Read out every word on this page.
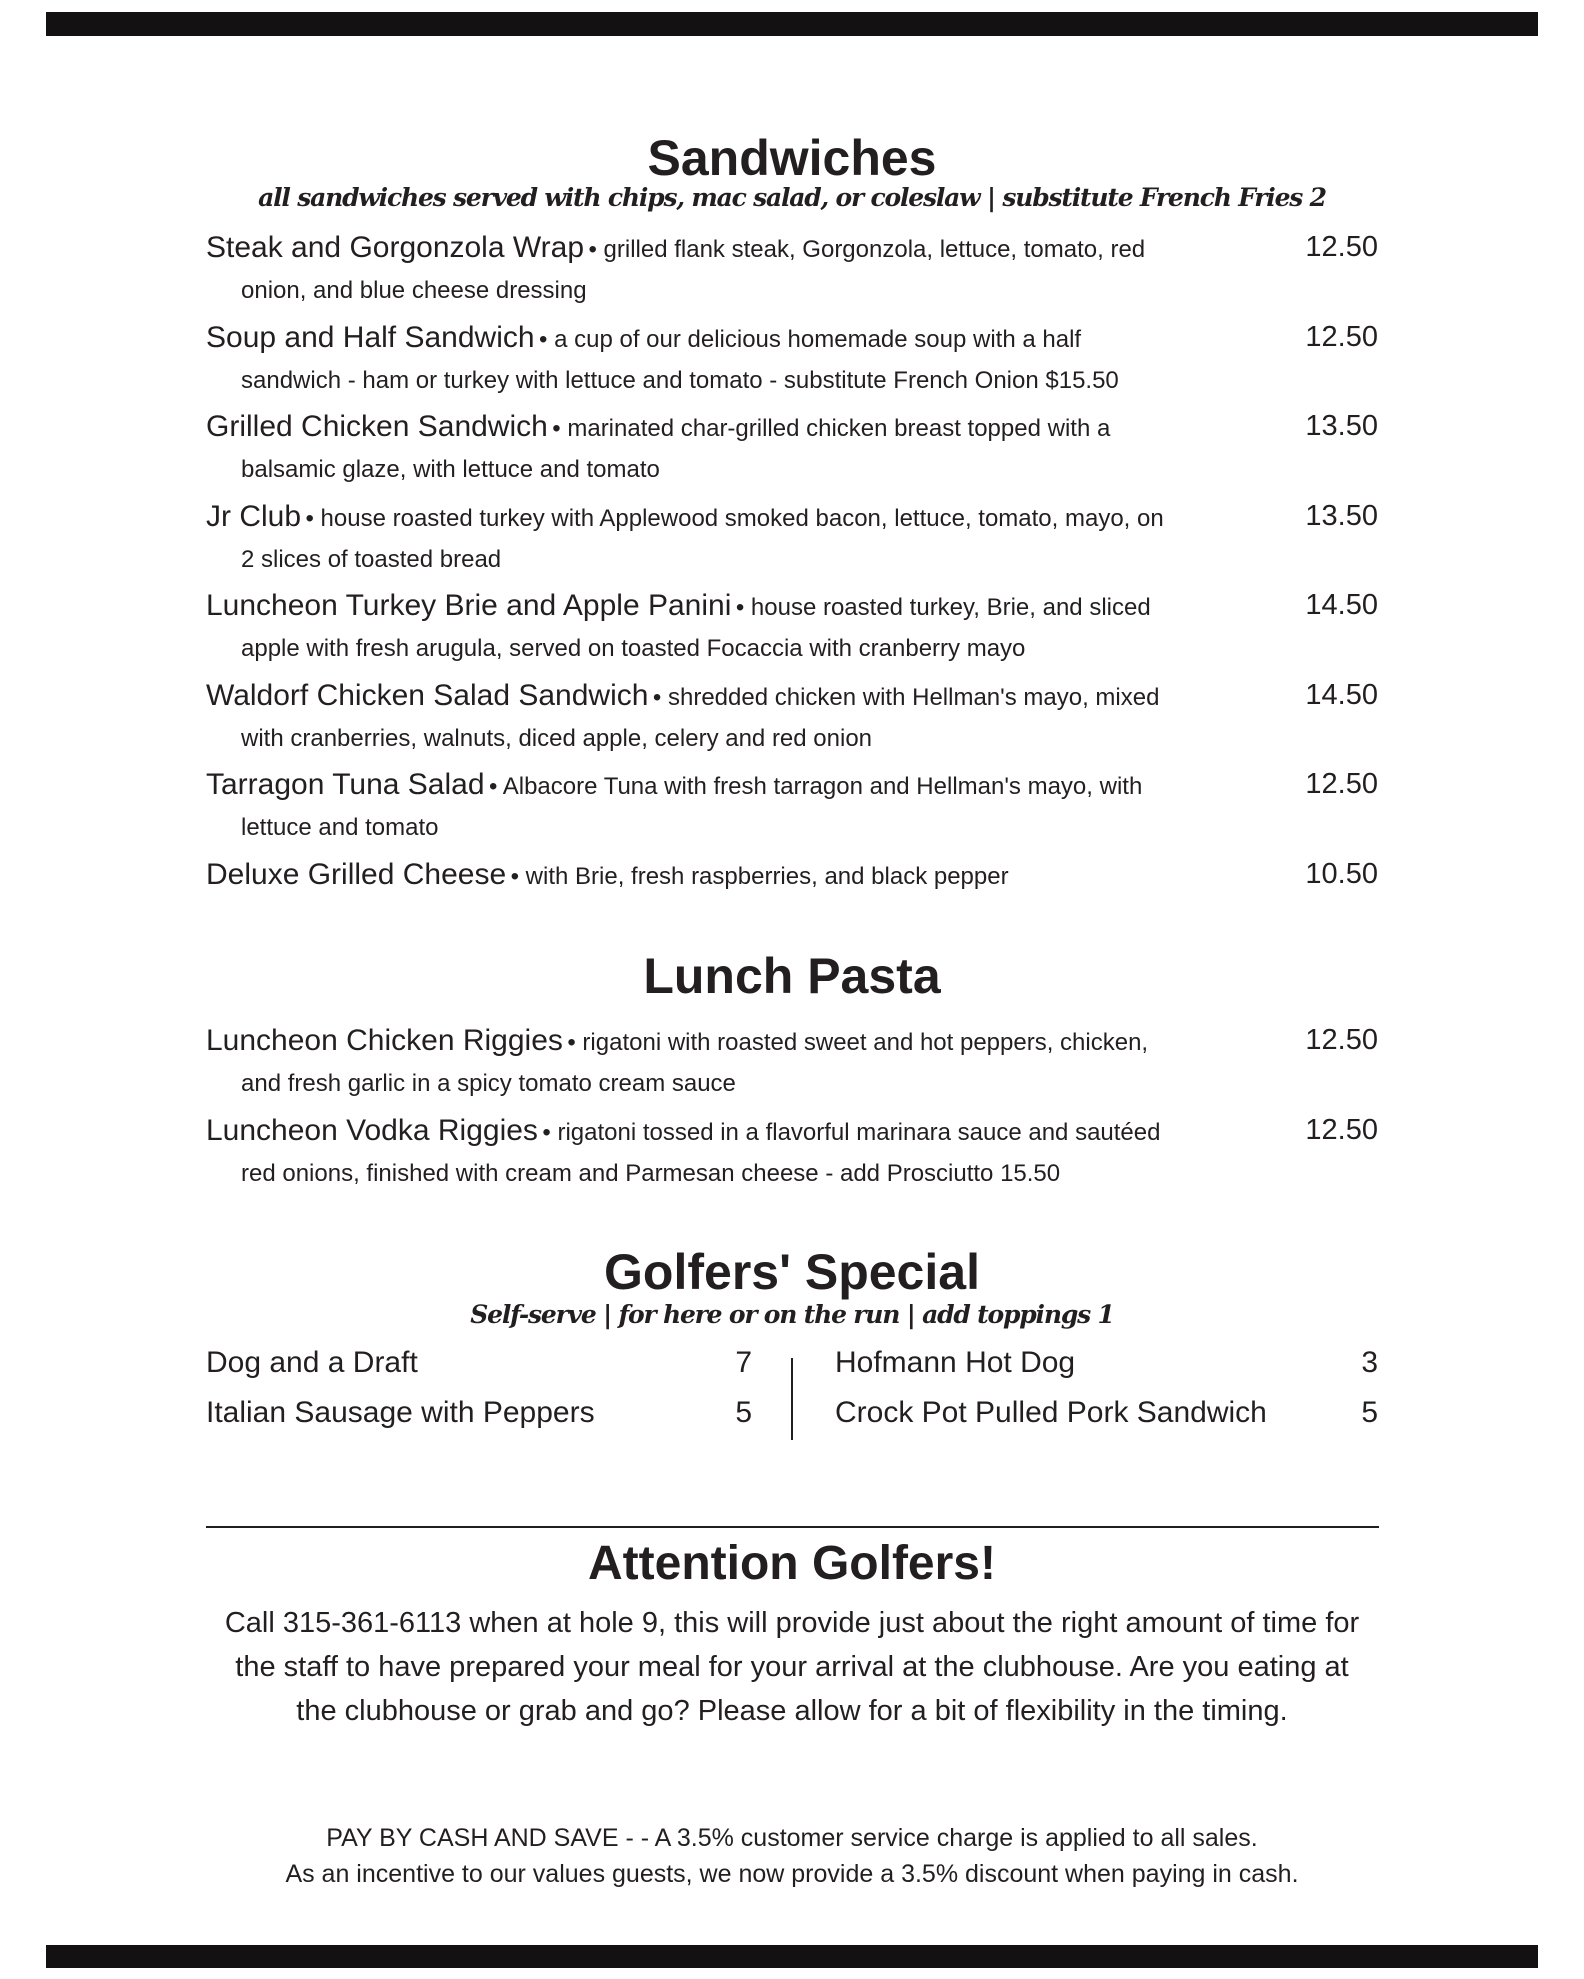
Sandwiches
all sandwiches served with chips, mac salad, or coleslaw | substitute French Fries 2
Steak and Gorgonzola Wrap • grilled flank steak, Gorgonzola, lettuce, tomato, red
onion, and blue cheese dressing
12.50
Soup and Half Sandwich • a cup of our delicious homemade soup with a half
sandwich - ham or turkey with lettuce and tomato - substitute French Onion $15.50
12.50
Grilled Chicken Sandwich • marinated char-grilled chicken breast topped with a
balsamic glaze, with lettuce and tomato
13.50
Jr Club • house roasted turkey with Applewood smoked bacon, lettuce, tomato, mayo, on
2 slices of toasted bread
13.50
Luncheon Turkey Brie and Apple Panini • house roasted turkey, Brie, and sliced
apple with fresh arugula, served on toasted Focaccia with cranberry mayo
14.50
Waldorf Chicken Salad Sandwich • shredded chicken with Hellman's mayo, mixed
with cranberries, walnuts, diced apple, celery and red onion
14.50
Tarragon Tuna Salad • Albacore Tuna with fresh tarragon and Hellman's mayo, with
lettuce and tomato
12.50
Deluxe Grilled Cheese • with Brie, fresh raspberries, and black pepper	10.50
Lunch Pasta
Luncheon Chicken Riggies • rigatoni with roasted sweet and hot peppers, chicken,
and fresh garlic in a spicy tomato cream sauce
12.50
Luncheon Vodka Riggies • rigatoni tossed in a flavorful marinara sauce and sautéed
red onions, finished with cream and Parmesan cheese - add Prosciutto 15.50
12.50
Golfers' Special
Self-serve | for here or on the run | add toppings 1
Dog and a Draft	7
Italian Sausage with Peppers	5
Hofmann Hot Dog	3
Crock Pot Pulled Pork Sandwich	5
Attention Golfers!
Call 315-361-6113 when at hole 9, this will provide just about the right amount of time for
the staff to have prepared your meal for your arrival at the clubhouse. Are you eating at
the clubhouse or grab and go? Please allow for a bit of flexibility in the timing.
PAY BY CASH AND SAVE - - A 3.5% customer service charge is applied to all sales.
As an incentive to our values guests, we now provide a 3.5% discount when paying in cash.
